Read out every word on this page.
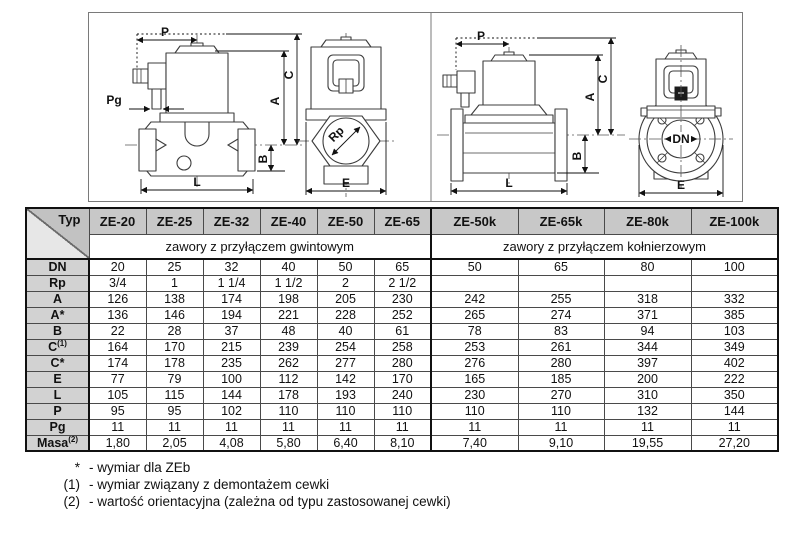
P
Pg	A
C
B
L
Rp
E
P
A
C
B
L
DN
E
Typ	ZE-20	ZE-25	ZE-32	ZE-40	ZE-50	ZE-65	ZE-50k	ZE-65k	ZE-80k	ZE-100k
	zawory z przyłączem gwintowym						zawory z przyłączem kołnierzowym			
DN	20	25	32	40	50	65	50	65	80	100
Rp	3/4	1	1 1/4	1 1/2	2	2 1/2				
A	126	138	174	198	205	230	242	255	318	332
A*	136	146	194	221	228	252	265	274	371	385
B	22	28	37	48	40	61	78	83	94	103
$C^{(1)}$	164	170	215	239	254	258	253	261	344	349
C*	174	178	235	262	277	280	276	280	397	402
E	77	79	100	112	142	170	165	185	200	222
L	105	115	144	178	193	240	230	270	310	350
P	95	95	102	110	110	110	110	110	132	144
Pg	11	11	11	11	11	11	11	11	11	11
Masa$^{(2)}$	1,80	2,05	4,08	5,80	6,40	8,10	7,40	9,10	19,55	27,20
* - wymiar dla ZEb
(1) - wymiar związany z demontażem cewki
(2) - wartość orientacyjna (zależna od typu zastosowanej cewki)
